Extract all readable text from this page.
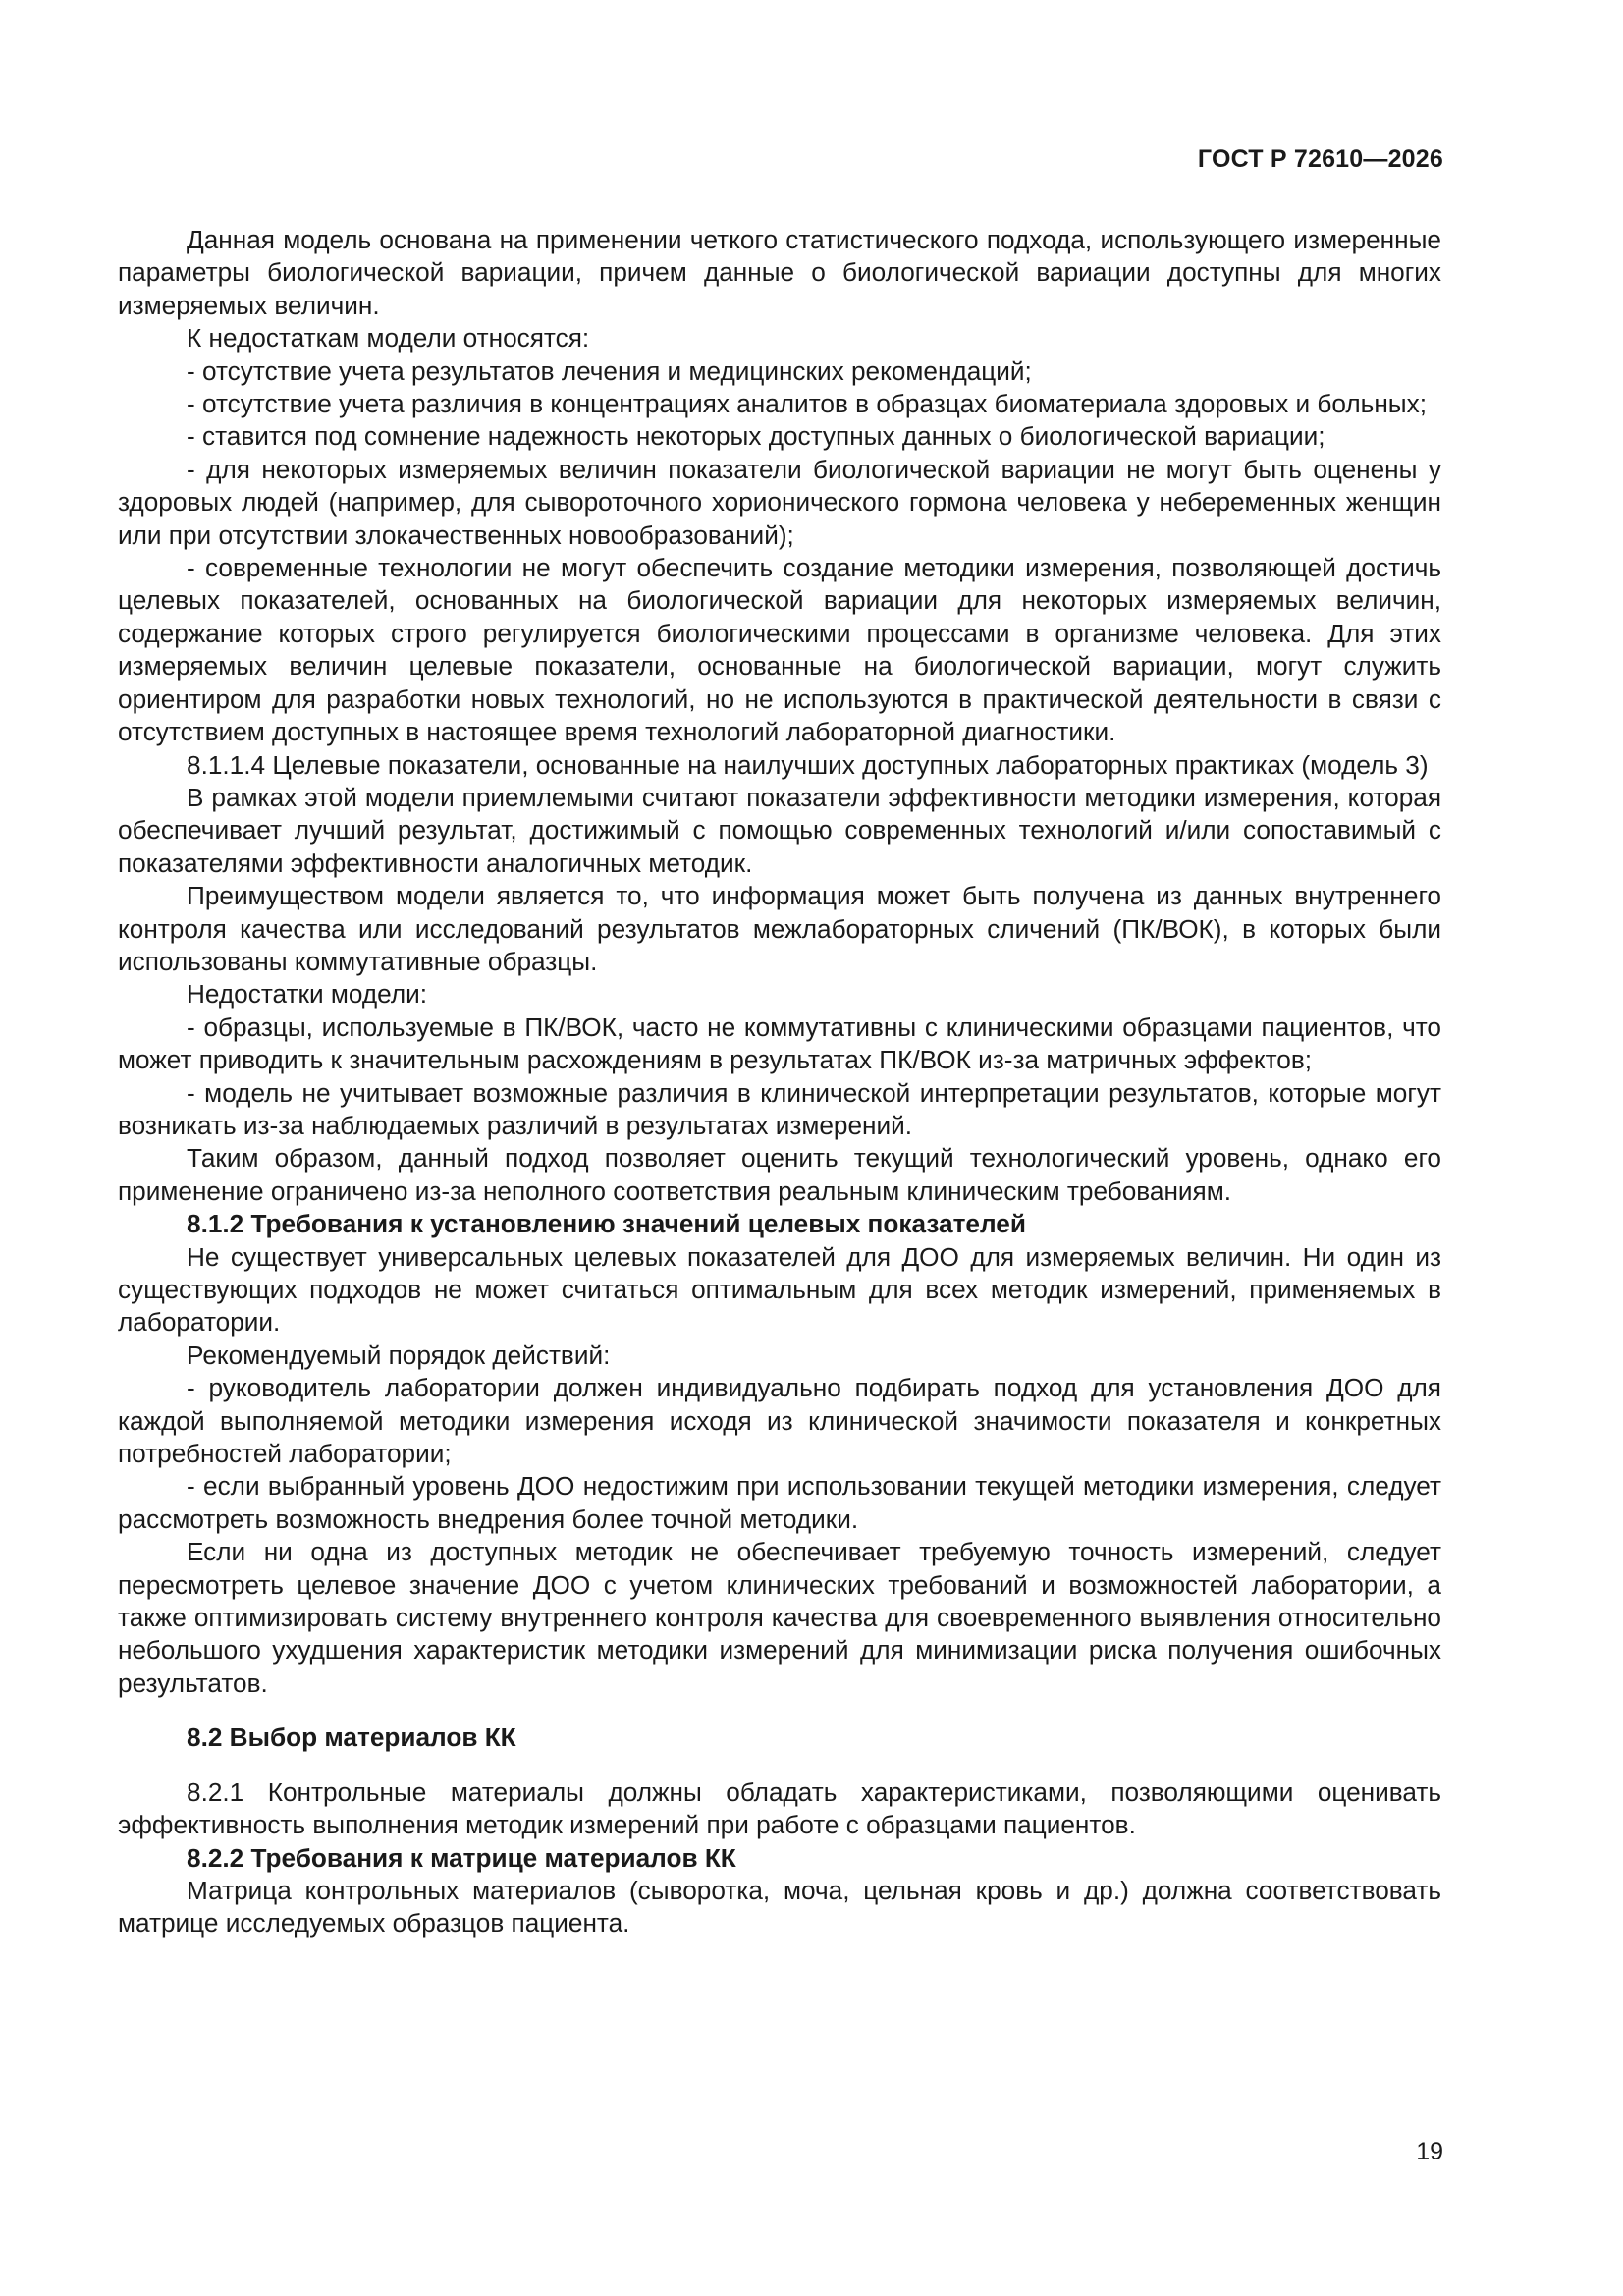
ГОСТ Р 72610—2026

Данная модель основана на применении четкого статистического подхода, использующего измеренные параметры биологической вариации, причем данные о биологической вариации доступны для многих измеряемых величин.

К недостаткам модели относятся:

- отсутствие учета результатов лечения и медицинских рекомендаций;

- отсутствие учета различия в концентрациях аналитов в образцах биоматериала здоровых и больных;

- ставится под сомнение надежность некоторых доступных данных о биологической вариации;

- для некоторых измеряемых величин показатели биологической вариации не могут быть оценены у здоровых людей (например, для сывороточного хорионического гормона человека у небеременных женщин или при отсутствии злокачественных новообразований);

- современные технологии не могут обеспечить создание методики измерения, позволяющей достичь целевых показателей, основанных на биологической вариации для некоторых измеряемых величин, содержание которых строго регулируется биологическими процессами в организме человека. Для этих измеряемых величин целевые показатели, основанные на биологической вариации, могут служить ориентиром для разработки новых технологий, но не используются в практической деятельности в связи с отсутствием доступных в настоящее время технологий лабораторной диагностики.

8.1.1.4 Целевые показатели, основанные на наилучших доступных лабораторных практиках (модель 3)

В рамках этой модели приемлемыми считают показатели эффективности методики измерения, которая обеспечивает лучший результат, достижимый с помощью современных технологий и/или сопоставимый с показателями эффективности аналогичных методик.

Преимуществом модели является то, что информация может быть получена из данных внутреннего контроля качества или исследований результатов межлабораторных сличений (ПК/ВОК), в которых были использованы коммутативные образцы.

Недостатки модели:

- образцы, используемые в ПК/ВОК, часто не коммутативны с клиническими образцами пациентов, что может приводить к значительным расхождениям в результатах ПК/ВОК из-за матричных эффектов;

- модель не учитывает возможные различия в клинической интерпретации результатов, которые могут возникать из-за наблюдаемых различий в результатах измерений.

Таким образом, данный подход позволяет оценить текущий технологический уровень, однако его применение ограничено из-за неполного соответствия реальным клиническим требованиям.

8.1.2 Требования к установлению значений целевых показателей

Не существует универсальных целевых показателей для ДОО для измеряемых величин. Ни один из существующих подходов не может считаться оптимальным для всех методик измерений, применяемых в лаборатории.

Рекомендуемый порядок действий:

- руководитель лаборатории должен индивидуально подбирать подход для установления ДОО для каждой выполняемой методики измерения исходя из клинической значимости показателя и конкретных потребностей лаборатории;

- если выбранный уровень ДОО недостижим при использовании текущей методики измерения, следует рассмотреть возможность внедрения более точной методики.

Если ни одна из доступных методик не обеспечивает требуемую точность измерений, следует пересмотреть целевое значение ДОО с учетом клинических требований и возможностей лаборатории, а также оптимизировать систему внутреннего контроля качества для своевременного выявления относительно небольшого ухудшения характеристик методики измерений для минимизации риска получения ошибочных результатов.

8.2 Выбор материалов КК

8.2.1 Контрольные материалы должны обладать характеристиками, позволяющими оценивать эффективность выполнения методик измерений при работе с образцами пациентов.

8.2.2 Требования к матрице материалов КК

Матрица контрольных материалов (сыворотка, моча, цельная кровь и др.) должна соответствовать матрице исследуемых образцов пациента.

19
